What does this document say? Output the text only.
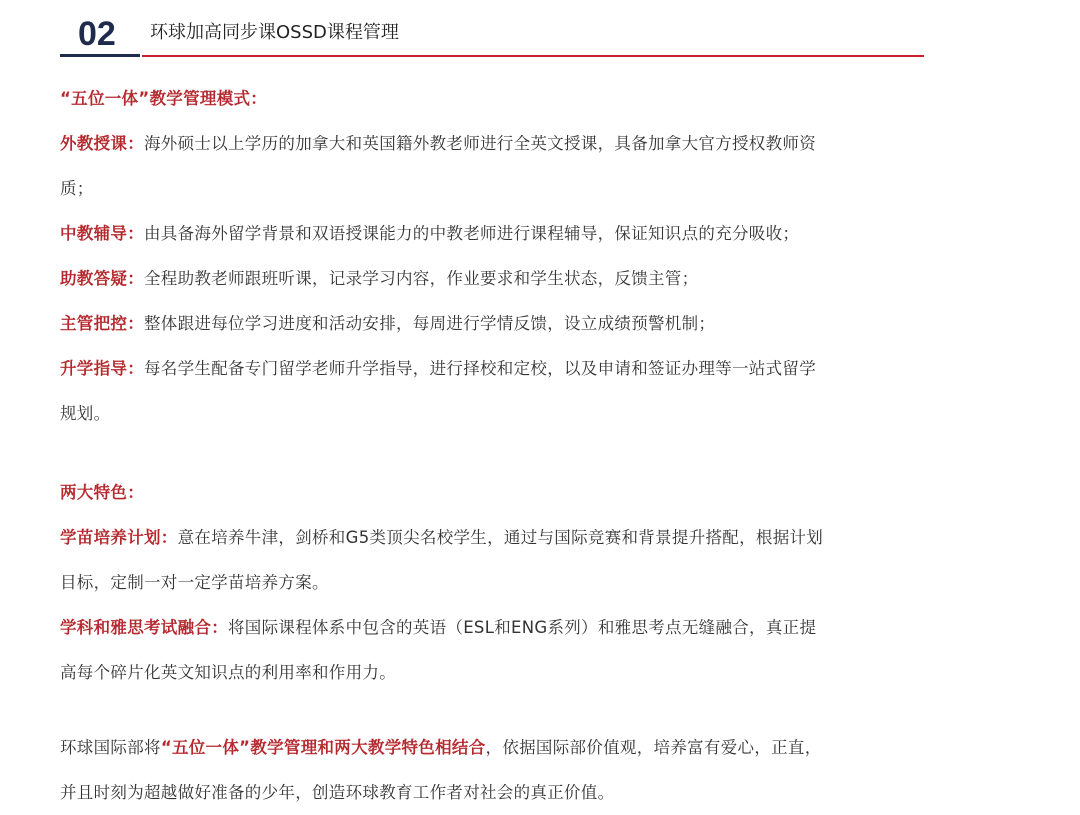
02 环球加高同步课OSSD课程管理

“五位一体”教学管理模式：

外教授课：海外硕士以上学历的加拿大和英国籍外教老师进行全英文授课，具备加拿大官方授权教师资

质；

中教辅导：由具备海外留学背景和双语授课能力的中教老师进行课程辅导，保证知识点的充分吸收；

助教答疑：全程助教老师跟班听课，记录学习内容，作业要求和学生状态，反馈主管；

主管把控：整体跟进每位学习进度和活动安排，每周进行学情反馈，设立成绩预警机制；

升学指导：每名学生配备专门留学老师升学指导，进行择校和定校，以及申请和签证办理等一站式留学

规划。

两大特色：

学苗培养计划：意在培养牛津，剑桥和G5类顶尖名校学生，通过与国际竞赛和背景提升搭配，根据计划

目标，定制一对一定学苗培养方案。

学科和雅思考试融合：将国际课程体系中包含的英语（ESL和ENG系列）和雅思考点无缝融合，真正提

高每个碎片化英文知识点的利用率和作用力。

环球国际部将“五位一体”教学管理和两大教学特色相结合，依据国际部价值观，培养富有爱心，正直，

并且时刻为超越做好准备的少年，创造环球教育工作者对社会的真正价值。
